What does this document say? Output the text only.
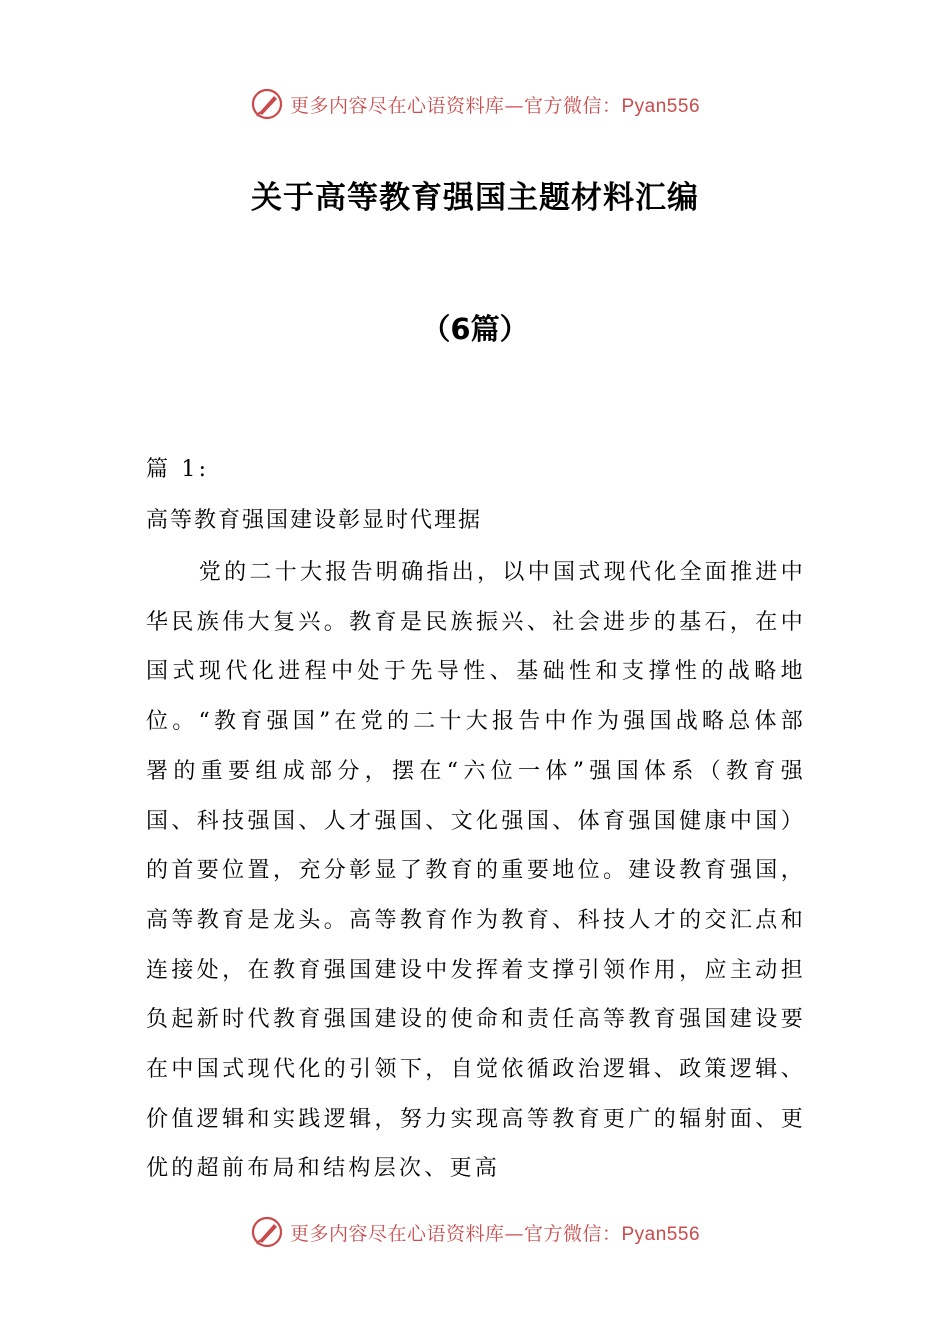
更多内容尽在心语资料库—官方微信：Pyan556
关于高等教育强国主题材料汇编
（6篇）
篇 1:
高等教育强国建设彰显时代理据
党的二十大报告明确指出，以中国式现代化全面推进中华民族伟大复兴。教育是民族振兴、社会进步的基石，在中国式现代化进程中处于先导性、基础性和支撑性的战略地位。“教育强国”在党的二十大报告中作为强国战略总体部署的重要组成部分，摆在“六位一体”强国体系（教育强国、科技强国、人才强国、文化强国、体育强国健康中国）的首要位置，充分彰显了教育的重要地位。建设教育强国，高等教育是龙头。高等教育作为教育、科技人才的交汇点和连接处，在教育强国建设中发挥着支撑引领作用，应主动担负起新时代教育强国建设的使命和责任高等教育强国建设要在中国式现代化的引领下，自觉依循政治逻辑、政策逻辑、价值逻辑和实践逻辑，努力实现高等教育更广的辐射面、更优的超前布局和结构层次、更高
更多内容尽在心语资料库—官方微信：Pyan556
